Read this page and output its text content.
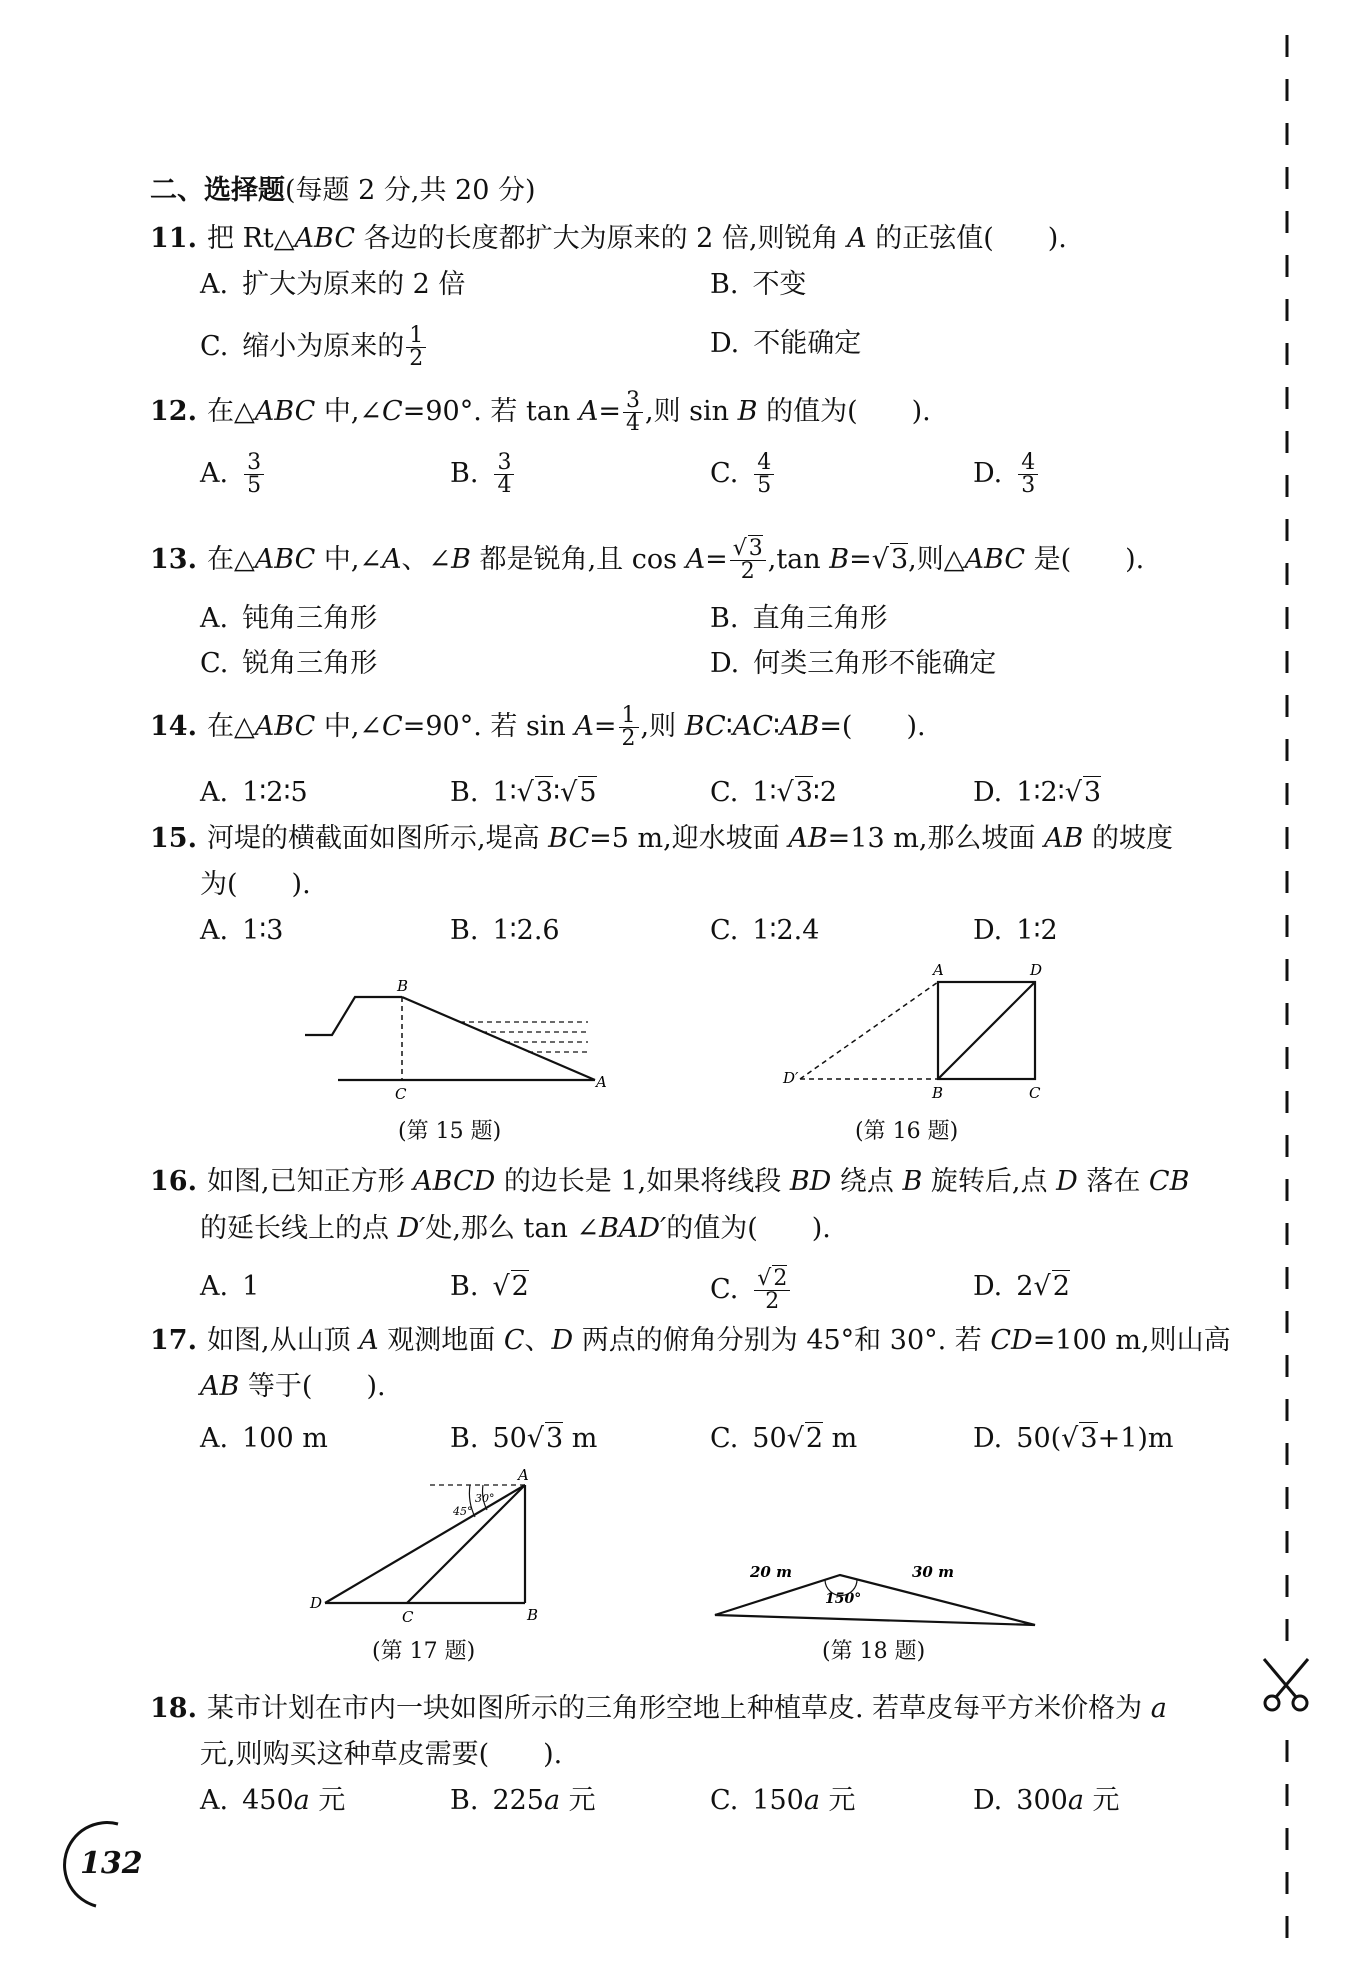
二、选择题(每题 2 分,共 20 分)
11. 把 Rt△ABC 各边的长度都扩大为原来的 2 倍,则锐角 A 的正弦值(　　).
A. 扩大为原来的 2 倍	B. 不变
C. 缩小为原来的 $\frac{1}{2}$	D. 不能确定
12. 在△ABC 中,∠C=90°. 若 $\tan A= \frac{3}{4}$ ,则 sin B 的值为(　　).
A. $\frac{3}{5}$	B. $\frac{3}{4}$	C. $\frac{4}{5}$	D. $\frac{4}{3}$
13. 在△ABC 中,∠A、∠B 都是锐角,且 $\cos A= \frac{√3}{2} ,\tan$ B=√3,则△ABC 是(　　).
A. 钝角三角形	B. 直角三角形
C. 锐角三角形	D. 何类三角形不能确定
14. 在△ABC 中,∠C=90°. 若 $\sin A= \frac{1}{2}$ ,则 BC∶AC∶AB=(　　).
A. 1∶2∶5	B. 1∶√3∶√5	C. 1∶√3∶2	D. 1∶2∶√3
15. 河堤的横截面如图所示,堤高 BC=5 m,迎水坡面 AB=13 m,那么坡面 AB 的坡度
为(　　).
A. 1∶3	B. 1∶2.6	C. 1∶2.4	D. 1∶2
B
C
A
(第 15 题)
A	D
D′
B	C
(第 16 题)
16. 如图,已知正方形 ABCD 的边长是 1,如果将线段 BD 绕点 B 旋转后,点 D 落在 CB
的延长线上的点 D′处,那么 tan ∠BAD′的值为(　　).
A. 1	B. √2	C. $\frac{√2}{2}$	D. 2√2
17. 如图,从山顶 A 观测地面 C、D 两点的俯角分别为 45°和 30°. 若 CD=100 m,则山高
AB 等于(　　).
A. 100 m	B. 50√3 m	C. 50√2 m	D. 50(√3+1)m
A
B
C
D
30°
45°
(第 17 题)
20 m	30 m
150°
(第 18 题)
18. 某市计划在市内一块如图所示的三角形空地上种植草皮. 若草皮每平方米价格为 a
元,则购买这种草皮需要(　　).
A. 450a 元	B. 225a 元	C. 150a 元	D. 300a 元
132
